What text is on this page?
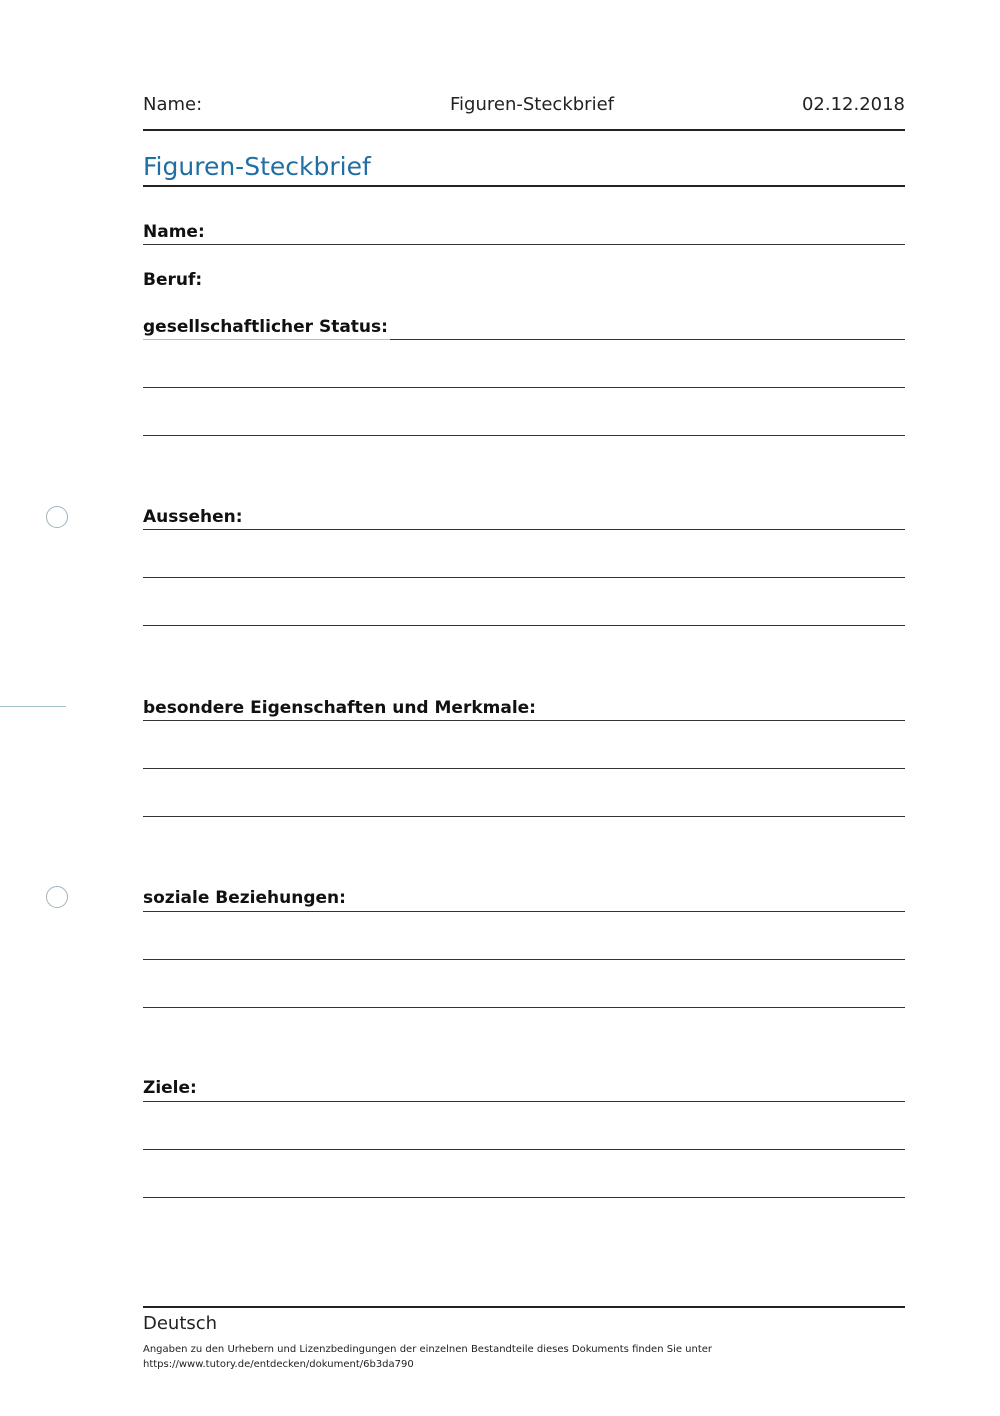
Name:	Figuren-Steckbrief	02.12.2018
Figuren-Steckbrief
Name:
Beruf:
gesellschaftlicher Status:
Aussehen:
besondere Eigenschaften und Merkmale:
soziale Beziehungen:
Ziele:
Deutsch
Angaben zu den Urhebern und Lizenzbedingungen der einzelnen Bestandteile dieses Dokuments finden Sie unter
https://www.tutory.de/entdecken/dokument/6b3da790
